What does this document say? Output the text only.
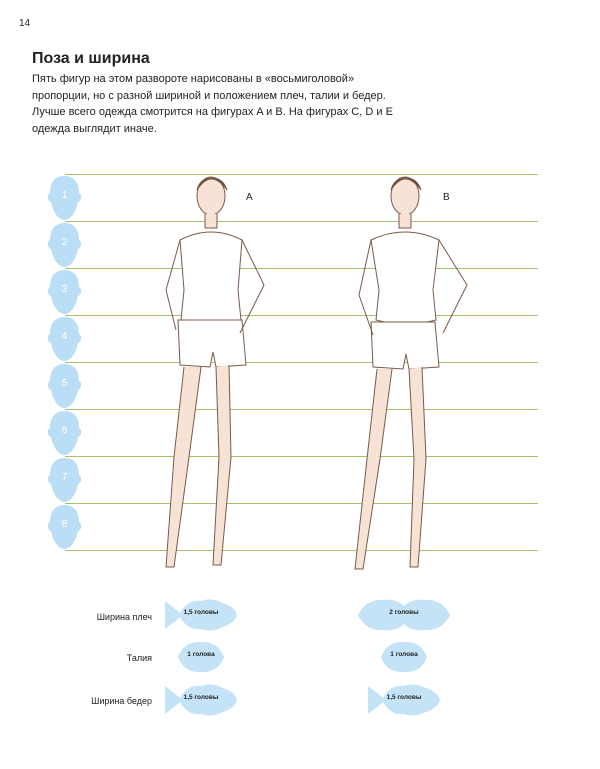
14
Поза и ширина
Пять фигур на этом развороте нарисованы в «восьмиголовой» пропорции, но с разной шириной и положением плеч, талии и бедер. Лучше всего одежда смотрится на фигурах A и B. На фигурах C, D и E одежда выглядит иначе.
1
2
3
4
5
6
7
8
A	B
Ширина плеч
Талия
Ширина бедер
1,5 головы
1 голова
1,5 головы
2 головы
1 голова
1,5 головы
